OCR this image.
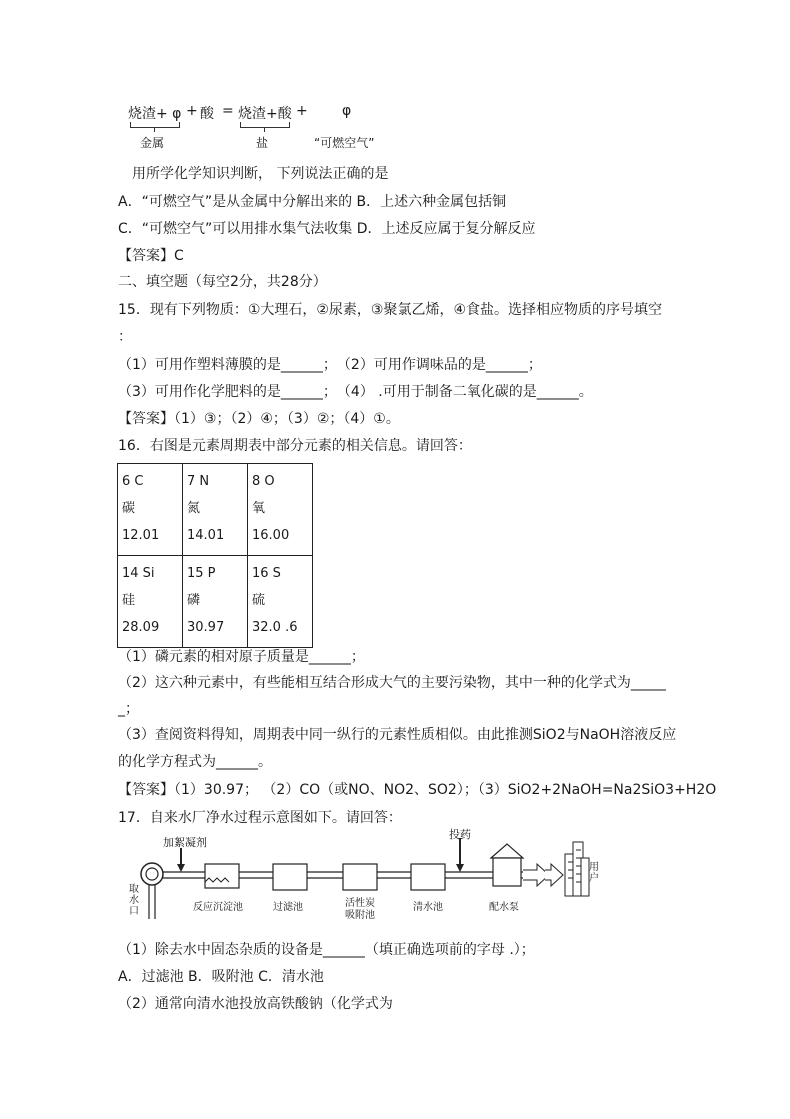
烧渣+ φ + 酸 = 烧渣+酸 + φ
金属	盐	“可燃空气”
用所学化学知识判断， 下列说法正确的是
A．“可燃空气”是从金属中分解出来的 B．上述六种金属包括铜
C．“可燃空气”可以用排水集气法收集 D．上述反应属于复分解反应
【答案】C
二、填空题（每空2分，共28分）
15．现有下列物质：①大理石，②尿素，③聚氯乙烯，④食盐。选择相应物质的序号填空
：
（1）可用作塑料薄膜的是______；　（2）可用作调味品的是______；
（3）可用作化学肥料的是______；　（4） .可用于制备二氧化碳的是______。
【答案】（1）③；（2）④；（3）②；（4）①。
16．右图是元素周期表中部分元素的相关信息。请回答：
6 C
碳
12.01	7 N
氮
14.01	8 O
氧
16.00

14 Si
硅
28.09	15 P
磷
30.97	16 S
硫
32.0 .6
（1）磷元素的相对原子质量是______；
（2）这六种元素中，有些能相互结合形成大气的主要污染物，其中一种的化学式为_____
_；
（3）查阅资料得知，周期表中同一纵行的元素性质相似。由此推测SiO2与NaOH溶液反应
的化学方程式为______。
【答案】（1）30.97； （2）CO（或NO、NO2、SO2）；（3）SiO2+2NaOH=Na2SiO3+H2O
17．自来水厂净水过程示意图如下。请回答：
加絮凝剂
取水口	反应沉淀池	过滤池	活性炭
吸附池
清水池
投药
配水泵
用户
（1）除去水中固态杂质的设备是______（填正确选项前的字母 .）；
A．过滤池 B．吸附池 C．清水池
（2）通常向清水池投放高铁酸钠（化学式为
